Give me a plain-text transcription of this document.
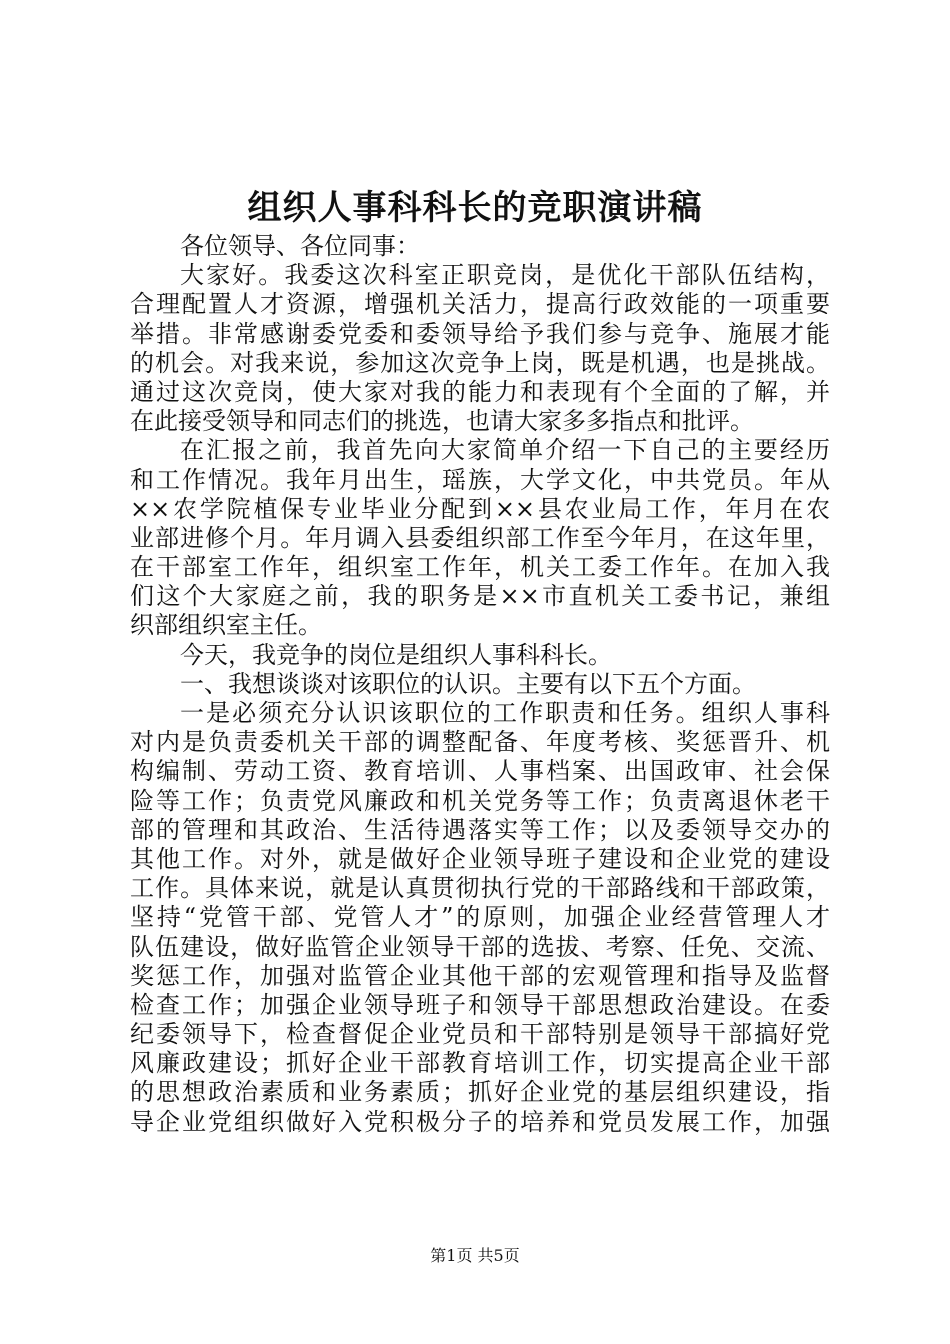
组织人事科科长的竞职演讲稿
各位领导、各位同事：
大家好。我委这次科室正职竞岗，是优化干部队伍结构，
合理配置人才资源，增强机关活力，提高行政效能的一项重要
举措。非常感谢委党委和委领导给予我们参与竞争、施展才能
的机会。对我来说，参加这次竞争上岗，既是机遇，也是挑战。
通过这次竞岗，使大家对我的能力和表现有个全面的了解，并
在此接受领导和同志们的挑选，也请大家多多指点和批评。
在汇报之前，我首先向大家简单介绍一下自己的主要经历
和工作情况。我年月出生，瑶族，大学文化，中共党员。年从
××农学院植保专业毕业分配到××县农业局工作，年月在农
业部进修个月。年月调入县委组织部工作至今年月，在这年里，
在干部室工作年，组织室工作年，机关工委工作年。在加入我
们这个大家庭之前，我的职务是××市直机关工委书记，兼组
织部组织室主任。
今天，我竞争的岗位是组织人事科科长。
一、我想谈谈对该职位的认识。主要有以下五个方面。
一是必须充分认识该职位的工作职责和任务。组织人事科
对内是负责委机关干部的调整配备、年度考核、奖惩晋升、机
构编制、劳动工资、教育培训、人事档案、出国政审、社会保
险等工作；负责党风廉政和机关党务等工作；负责离退休老干
部的管理和其政治、生活待遇落实等工作；以及委领导交办的
其他工作。对外，就是做好企业领导班子建设和企业党的建设
工作。具体来说，就是认真贯彻执行党的干部路线和干部政策，
坚持“党管干部、党管人才”的原则，加强企业经营管理人才
队伍建设，做好监管企业领导干部的选拔、考察、任免、交流、
奖惩工作，加强对监管企业其他干部的宏观管理和指导及监督
检查工作；加强企业领导班子和领导干部思想政治建设。在委
纪委领导下，检查督促企业党员和干部特别是领导干部搞好党
风廉政建设；抓好企业干部教育培训工作，切实提高企业干部
的思想政治素质和业务素质；抓好企业党的基层组织建设，指
导企业党组织做好入党积极分子的培养和党员发展工作，加强
第1页 共5页
